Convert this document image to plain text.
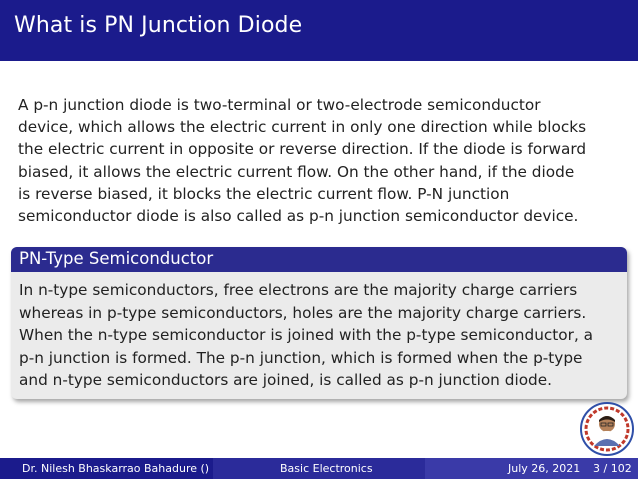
What is PN Junction Diode

A p-n junction diode is two-terminal or two-electrode semiconductor

device, which allows the electric current in only one direction while blocks

the electric current in opposite or reverse direction. If the diode is forward

biased, it allows the electric current flow. On the other hand, if the diode

is reverse biased, it blocks the electric current flow. P-N junction

semiconductor diode is also called as p-n junction semiconductor device.

PN-Type Semiconductor

In n-type semiconductors, free electrons are the majority charge carriers

whereas in p-type semiconductors, holes are the majority charge carriers.

When the n-type semiconductor is joined with the p-type semiconductor, a

p-n junction is formed. The p-n junction, which is formed when the p-type

and n-type semiconductors are joined, is called as p-n junction diode.

Dr. Nilesh Bhaskarrao Bahadure ()	Basic Electronics	July 26, 2021 3 / 102
